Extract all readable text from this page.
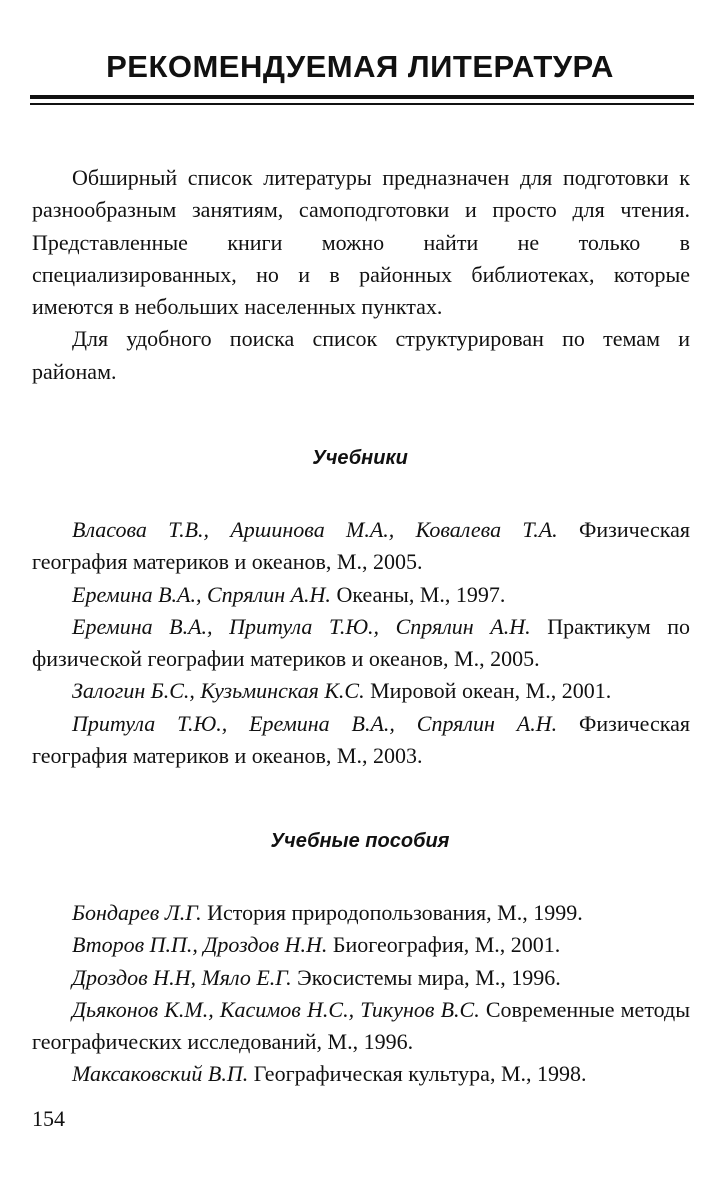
РЕКОМЕНДУЕМАЯ ЛИТЕРАТУРА

Обширный список литературы предназначен для подготовки к разнообразным занятиям, самоподготовки и просто для чтения. Представленные книги можно найти не только в специализированных, но и в районных библиотеках, которые имеются в небольших населенных пунктах.

Для удобного поиска список структурирован по темам и районам.

Учебники

Власова Т.В., Аршинова М.А., Ковалева Т.А. Физическая география материков и океанов, М., 2005.

Еремина В.А., Спрялин А.Н. Океаны, М., 1997.

Еремина В.А., Притула Т.Ю., Спрялин А.Н. Практикум по физической географии материков и океанов, М., 2005.

Залогин Б.С., Кузьминская К.С. Мировой океан, М., 2001.

Притула Т.Ю., Еремина В.А., Спрялин А.Н. Физическая география материков и океанов, М., 2003.

Учебные пособия

Бондарев Л.Г. История природопользования, М., 1999.

Второв П.П., Дроздов Н.Н. Биогеография, М., 2001.

Дроздов Н.Н, Мяло Е.Г. Экосистемы мира, М., 1996.

Дьяконов К.М., Касимов Н.С., Тикунов В.С. Современные методы географических исследований, М., 1996.

Максаковский В.П. Географическая культура, М., 1998.

154
